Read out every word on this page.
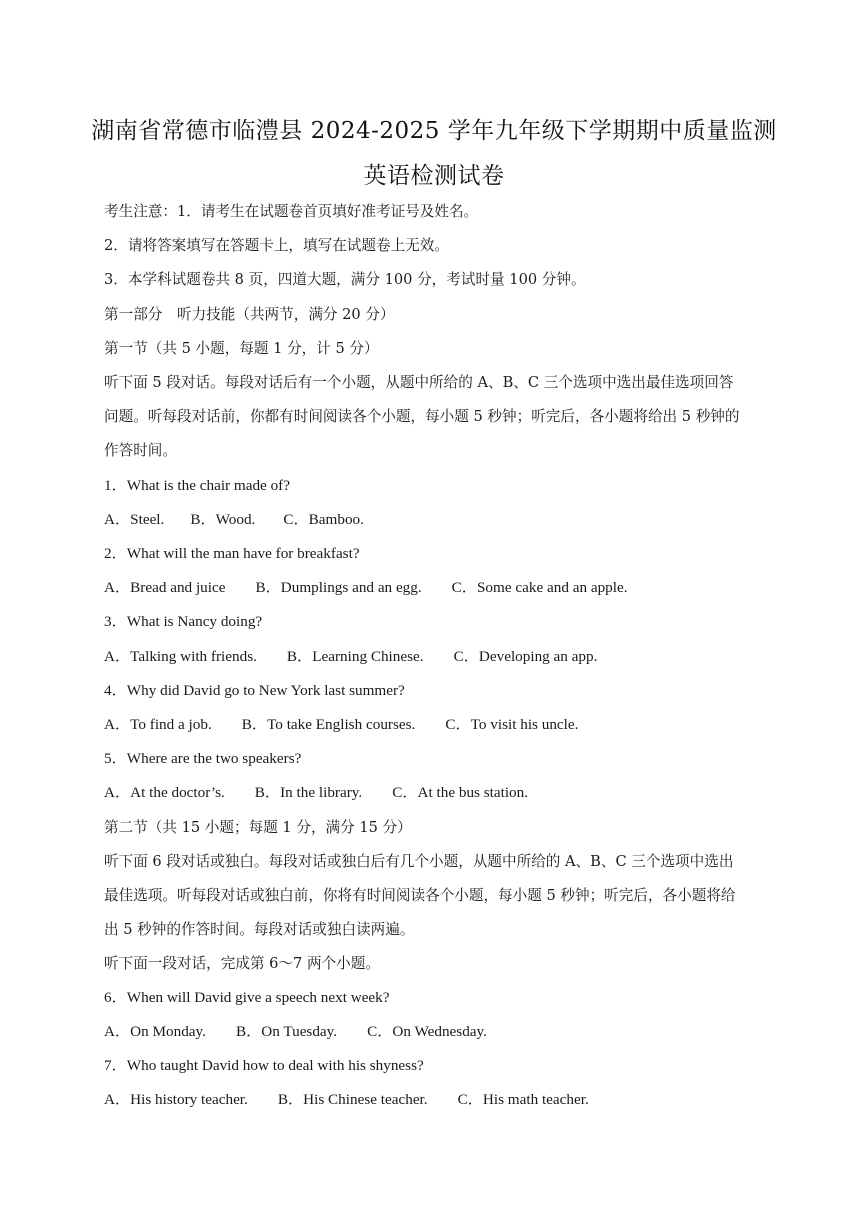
湖南省常德市临澧县 2024-2025 学年九年级下学期期中质量监测
英语检测试卷
考生注意：1．请考生在试题卷首页填好准考证号及姓名。
2．请将答案填写在答题卡上，填写在试题卷上无效。
3．本学科试题卷共 8 页，四道大题，满分 100 分，考试时量 100 分钟。
第一部分　听力技能（共两节，满分 20 分）
第一节（共 5 小题，每题 1 分，计 5 分）
听下面 5 段对话。每段对话后有一个小题，从题中所给的 A、B、C 三个选项中选出最佳选项回答
问题。听每段对话前，你都有时间阅读各个小题，每小题 5 秒钟；听完后，各小题将给出 5 秒钟的
作答时间。
1．What is the chair made of?
A．Steel. B．Wood. C．Bamboo.
2．What will the man have for breakfast?
A．Bread and juice B．Dumplings and an egg. C．Some cake and an apple.
3．What is Nancy doing?
A．Talking with friends. B．Learning Chinese. C．Developing an app.
4．Why did David go to New York last summer?
A．To find a job. B．To take English courses. C．To visit his uncle.
5．Where are the two speakers?
A．At the doctor’s. B．In the library. C．At the bus station.
第二节（共 15 小题；每题 1 分，满分 15 分）
听下面 6 段对话或独白。每段对话或独白后有几个小题，从题中所给的 A、B、C 三个选项中选出
最佳选项。听每段对话或独白前，你将有时间阅读各个小题，每小题 5 秒钟；听完后，各小题将给
出 5 秒钟的作答时间。每段对话或独白读两遍。
听下面一段对话，完成第 6～7 两个小题。
6．When will David give a speech next week?
A．On Monday. B．On Tuesday. C．On Wednesday.
7．Who taught David how to deal with his shyness?
A．His history teacher. B．His Chinese teacher. C．His math teacher.
